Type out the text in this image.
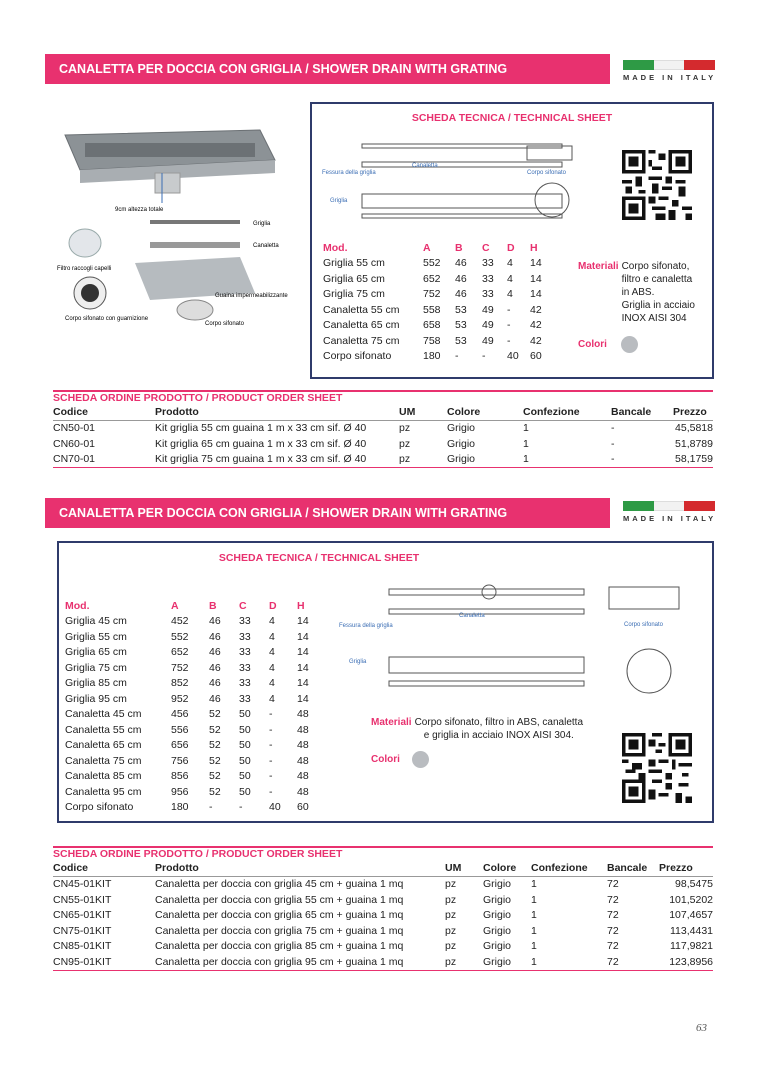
CANALETTA PER DOCCIA CON GRIGLIA / SHOWER DRAIN WITH GRATING
MADE IN ITALY
9cm altezza totale
Griglia
Canaletta
Filtro raccogli capelli
Guaina impermeabilizzante
Corpo sifonato con guarnizione
Corpo sifonato
SCHEDA TECNICA / TECHNICAL SHEET
Canaletta
Fessura della griglia
Griglia
Corpo sifonato
Mod.	A	B	C	D	H
Griglia 55 cm	552	46	33	4	14
Griglia 65 cm	652	46	33	4	14
Griglia 75 cm	752	46	33	4	14
Canaletta 55 cm	558	53	49	-	42
Canaletta 65 cm	658	53	49	-	42
Canaletta 75 cm	758	53	49	-	42
Corpo sifonato	180	-	-	40	60
Materiali Corpo sifonato,
filtro e canaletta
in ABS.
Griglia in acciaio
INOX AISI 304
Colori
SCHEDA ORDINE PRODOTTO / PRODUCT ORDER SHEET
Codice	Prodotto	UM	Colore	Confezione	Bancale	Prezzo
CN50-01	Kit griglia 55 cm guaina 1 m x 33 cm sif. Ø 40	pz	Grigio	1	-	45,5818
CN60-01	Kit griglia 65 cm guaina 1 m x 33 cm sif. Ø 40	pz	Grigio	1	-	51,8789
CN70-01	Kit griglia 75 cm guaina 1 m x 33 cm sif. Ø 40	pz	Grigio	1	-	58,1759
CANALETTA PER DOCCIA CON GRIGLIA / SHOWER DRAIN WITH GRATING	MADE IN ITALY
SCHEDA TECNICA / TECHNICAL SHEET
Mod.	A	B	C	D	H
Griglia 45 cm	452	46	33	4	14
Griglia 55 cm	552	46	33	4	14
Griglia 65 cm	652	46	33	4	14
Griglia 75 cm	752	46	33	4	14
Griglia 85 cm	852	46	33	4	14
Griglia 95 cm	952	46	33	4	14
Canaletta 45 cm	456	52	50	-	48
Canaletta 55 cm	556	52	50	-	48
Canaletta 65 cm	656	52	50	-	48
Canaletta 75 cm	756	52	50	-	48
Canaletta 85 cm	856	52	50	-	48
Canaletta 95 cm	956	52	50	-	48
Corpo sifonato	180	-	-	40	60
Canaletta
Fessura della griglia
Griglia
Corpo sifonato
Materiali Corpo sifonato, filtro in ABS, canaletta
e griglia in acciaio INOX AISI 304.
Colori
SCHEDA ORDINE PRODOTTO / PRODUCT ORDER SHEET
Codice	Prodotto	UM	Colore	Confezione	Bancale	Prezzo
CN45-01KIT	Canaletta per doccia con griglia 45 cm + guaina 1 mq	pz	Grigio	1	72	98,5475
CN55-01KIT	Canaletta per doccia con griglia 55 cm + guaina 1 mq	pz	Grigio	1	72	101,5202
CN65-01KIT	Canaletta per doccia con griglia 65 cm + guaina 1 mq	pz	Grigio	1	72	107,4657
CN75-01KIT	Canaletta per doccia con griglia 75 cm + guaina 1 mq	pz	Grigio	1	72	113,4431
CN85-01KIT	Canaletta per doccia con griglia 85 cm + guaina 1 mq	pz	Grigio	1	72	117,9821
CN95-01KIT	Canaletta per doccia con griglia 95 cm + guaina 1 mq	pz	Grigio	1	72	123,8956
63
